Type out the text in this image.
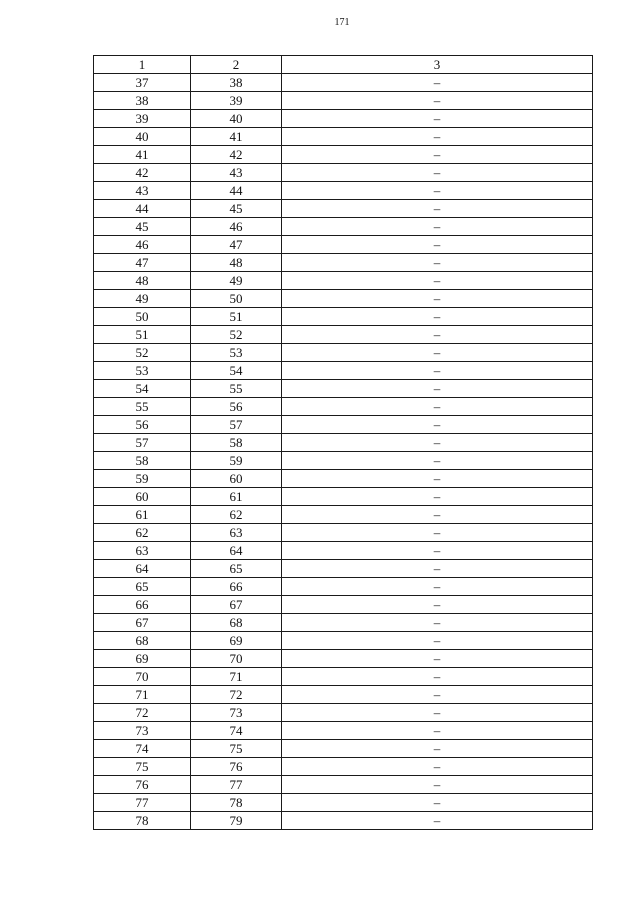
171
1	2	3
37	38	–
38	39	–
39	40	–
40	41	–
41	42	–
42	43	–
43	44	–
44	45	–
45	46	–
46	47	–
47	48	–
48	49	–
49	50	–
50	51	–
51	52	–
52	53	–
53	54	–
54	55	–
55	56	–
56	57	–
57	58	–
58	59	–
59	60	–
60	61	–
61	62	–
62	63	–
63	64	–
64	65	–
65	66	–
66	67	–
67	68	–
68	69	–
69	70	–
70	71	–
71	72	–
72	73	–
73	74	–
74	75	–
75	76	–
76	77	–
77	78	–
78	79	–
